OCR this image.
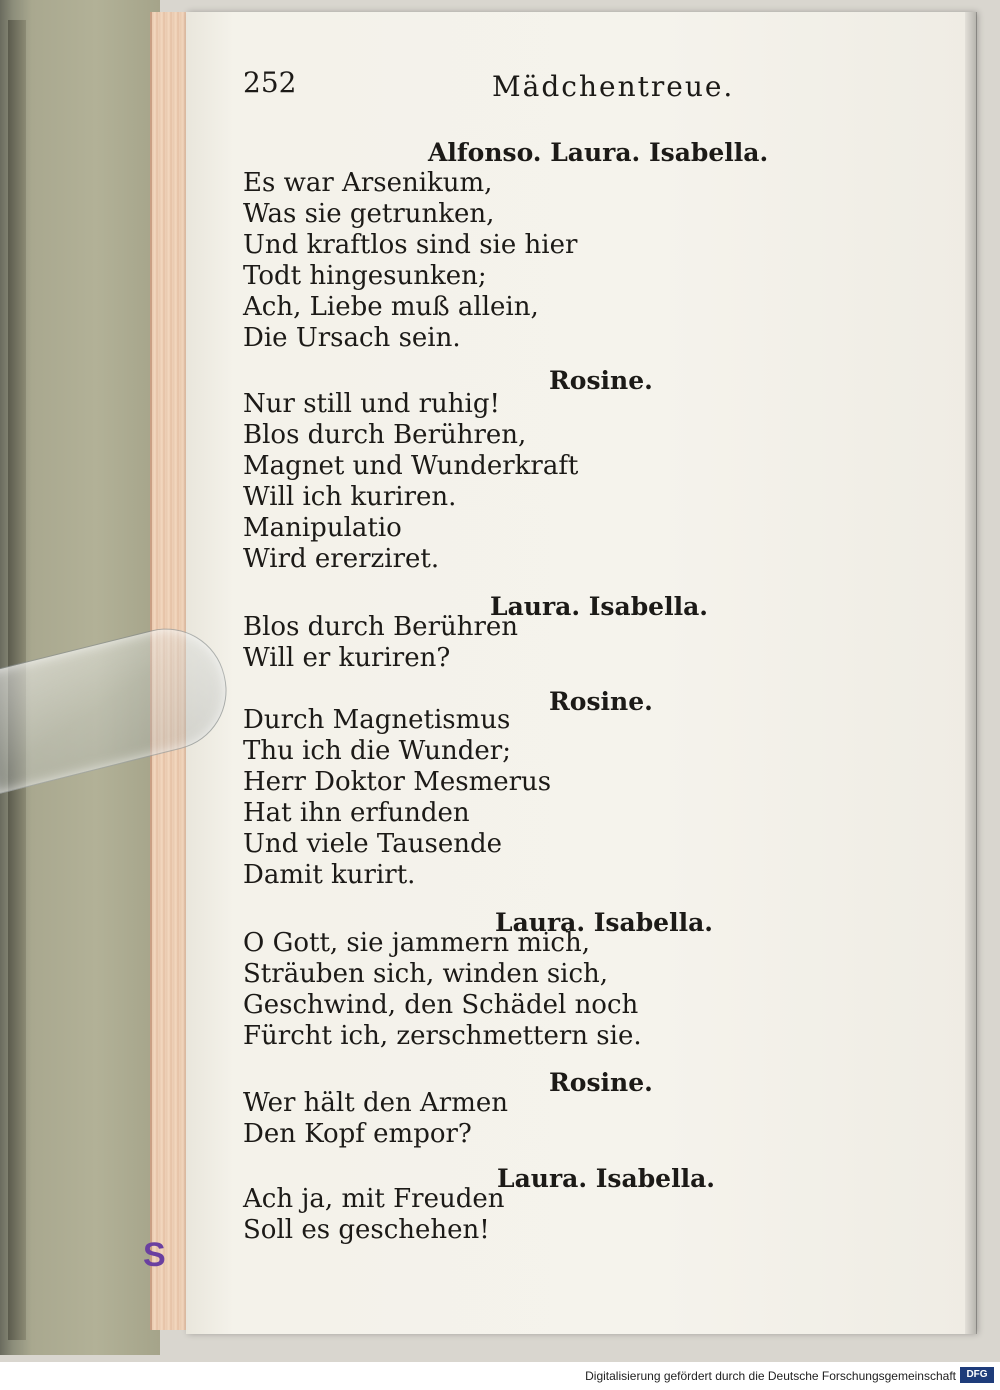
252	Mädchentreue.
Alfonso. Laura. Isabella.
Es war Arsenikum,
Was sie getrunken,
Und kraftlos sind sie hier
Todt hingesunken;
Ach, Liebe muß allein,
Die Ursach sein.
Rosine.
Nur still und ruhig!
Blos durch Berühren,
Magnet und Wunderkraft
Will ich kuriren.
Manipulatio
Wird ererziret.
Laura. Isabella.
Blos durch Berühren
Will er kuriren?
Rosine.
Durch Magnetismus
Thu ich die Wunder;
Herr Doktor Mesmerus
Hat ihn erfunden
Und viele Tausende
Damit kurirt.
Laura. Isabella.
O Gott, sie jammern mich,
Sträuben sich, winden sich,
Geschwind, den Schädel noch
Fürcht ich, zerschmettern sie.
Rosine.
Wer hält den Armen
Den Kopf empor?
Laura. Isabella.
Ach ja, mit Freuden
Soll es geschehen!
S
Digitalisierung gefördert durch die Deutsche Forschungsgemeinschaft	DFG
